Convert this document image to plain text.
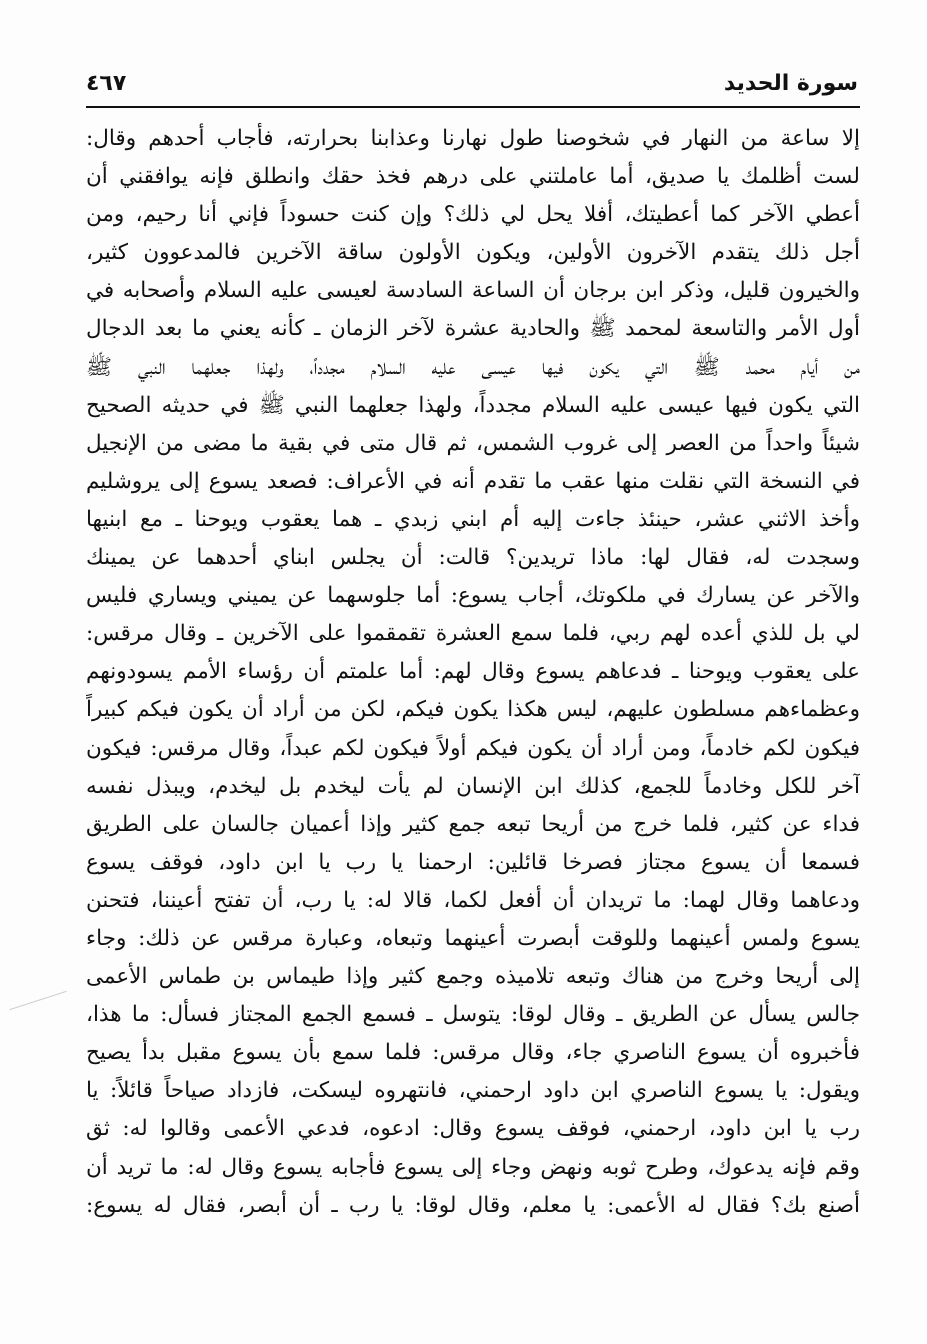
سورة الحديد
٤٦٧
إلا ساعة من النهار في شخوصنا طول نهارنا وعذابنا بحرارته، فأجاب أحدهم وقال:
لست أظلمك يا صديق، أما عاملتني على درهم فخذ حقك وانطلق فإنه يوافقني أن
أعطي الآخر كما أعطيتك، أفلا يحل لي ذلك؟ وإن كنت حسوداً فإني أنا رحيم، ومن
أجل ذلك يتقدم الآخرون الأولين، ويكون الأولون ساقة الآخرين فالمدعوون كثير،
والخيرون قليل، وذكر ابن برجان أن الساعة السادسة لعيسى عليه السلام وأصحابه في
أول الأمر والتاسعة لمحمد ﷺ والحادية عشرة لآخر الزمان ـ كأنه يعني ما بعد الدجال
من أيام محمد ﷺ التي يكون فيها عيسى عليه السلام مجدداً، ولهذا جعلهما النبي ﷺ
التي يكون فيها عيسى عليه السلام مجدداً، ولهذا جعلهما النبي ﷺ في حديثه الصحيح
شيئاً واحداً من العصر إلى غروب الشمس، ثم قال متى في بقية ما مضى من الإنجيل
في النسخة التي نقلت منها عقب ما تقدم أنه في الأعراف: فصعد يسوع إلى يروشليم
وأخذ الاثني عشر، حينئذ جاءت إليه أم ابني زبدي ـ هما يعقوب ويوحنا ـ مع ابنيها
وسجدت له، فقال لها: ماذا تريدين؟ قالت: أن يجلس ابناي أحدهما عن يمينك
والآخر عن يسارك في ملكوتك، أجاب يسوع: أما جلوسهما عن يميني ويساري فليس
لي بل للذي أعده لهم ربي، فلما سمع العشرة تقمقموا على الآخرين ـ وقال مرقس:
على يعقوب ويوحنا ـ فدعاهم يسوع وقال لهم: أما علمتم أن رؤساء الأمم يسودونهم
وعظماءهم مسلطون عليهم، ليس هكذا يكون فيكم، لكن من أراد أن يكون فيكم كبيراً
فيكون لكم خادماً، ومن أراد أن يكون فيكم أولاً فيكون لكم عبداً، وقال مرقس: فيكون
آخر للكل وخادماً للجمع، كذلك ابن الإنسان لم يأت ليخدم بل ليخدم، ويبذل نفسه
فداء عن كثير، فلما خرج من أريحا تبعه جمع كثير وإذا أعميان جالسان على الطريق
فسمعا أن يسوع مجتاز فصرخا قائلين: ارحمنا يا رب يا ابن داود، فوقف يسوع
ودعاهما وقال لهما: ما تريدان أن أفعل لكما، قالا له: يا رب، أن تفتح أعيننا، فتحنن
يسوع ولمس أعينهما وللوقت أبصرت أعينهما وتبعاه، وعبارة مرقس عن ذلك: وجاء
إلى أريحا وخرج من هناك وتبعه تلاميذه وجمع كثير وإذا طيماس بن طماس الأعمى
جالس يسأل عن الطريق ـ وقال لوقا: يتوسل ـ فسمع الجمع المجتاز فسأل: ما هذا،
فأخبروه أن يسوع الناصري جاء، وقال مرقس: فلما سمع بأن يسوع مقبل بدأ يصيح
ويقول: يا يسوع الناصري ابن داود ارحمني، فانتهروه ليسكت، فازداد صياحاً قائلاً: يا
رب يا ابن داود، ارحمني، فوقف يسوع وقال: ادعوه، فدعي الأعمى وقالوا له: ثق
وقم فإنه يدعوك، وطرح ثوبه ونهض وجاء إلى يسوع فأجابه يسوع وقال له: ما تريد أن
أصنع بك؟ فقال له الأعمى: يا معلم، وقال لوقا: يا رب ـ أن أبصر، فقال له يسوع:
